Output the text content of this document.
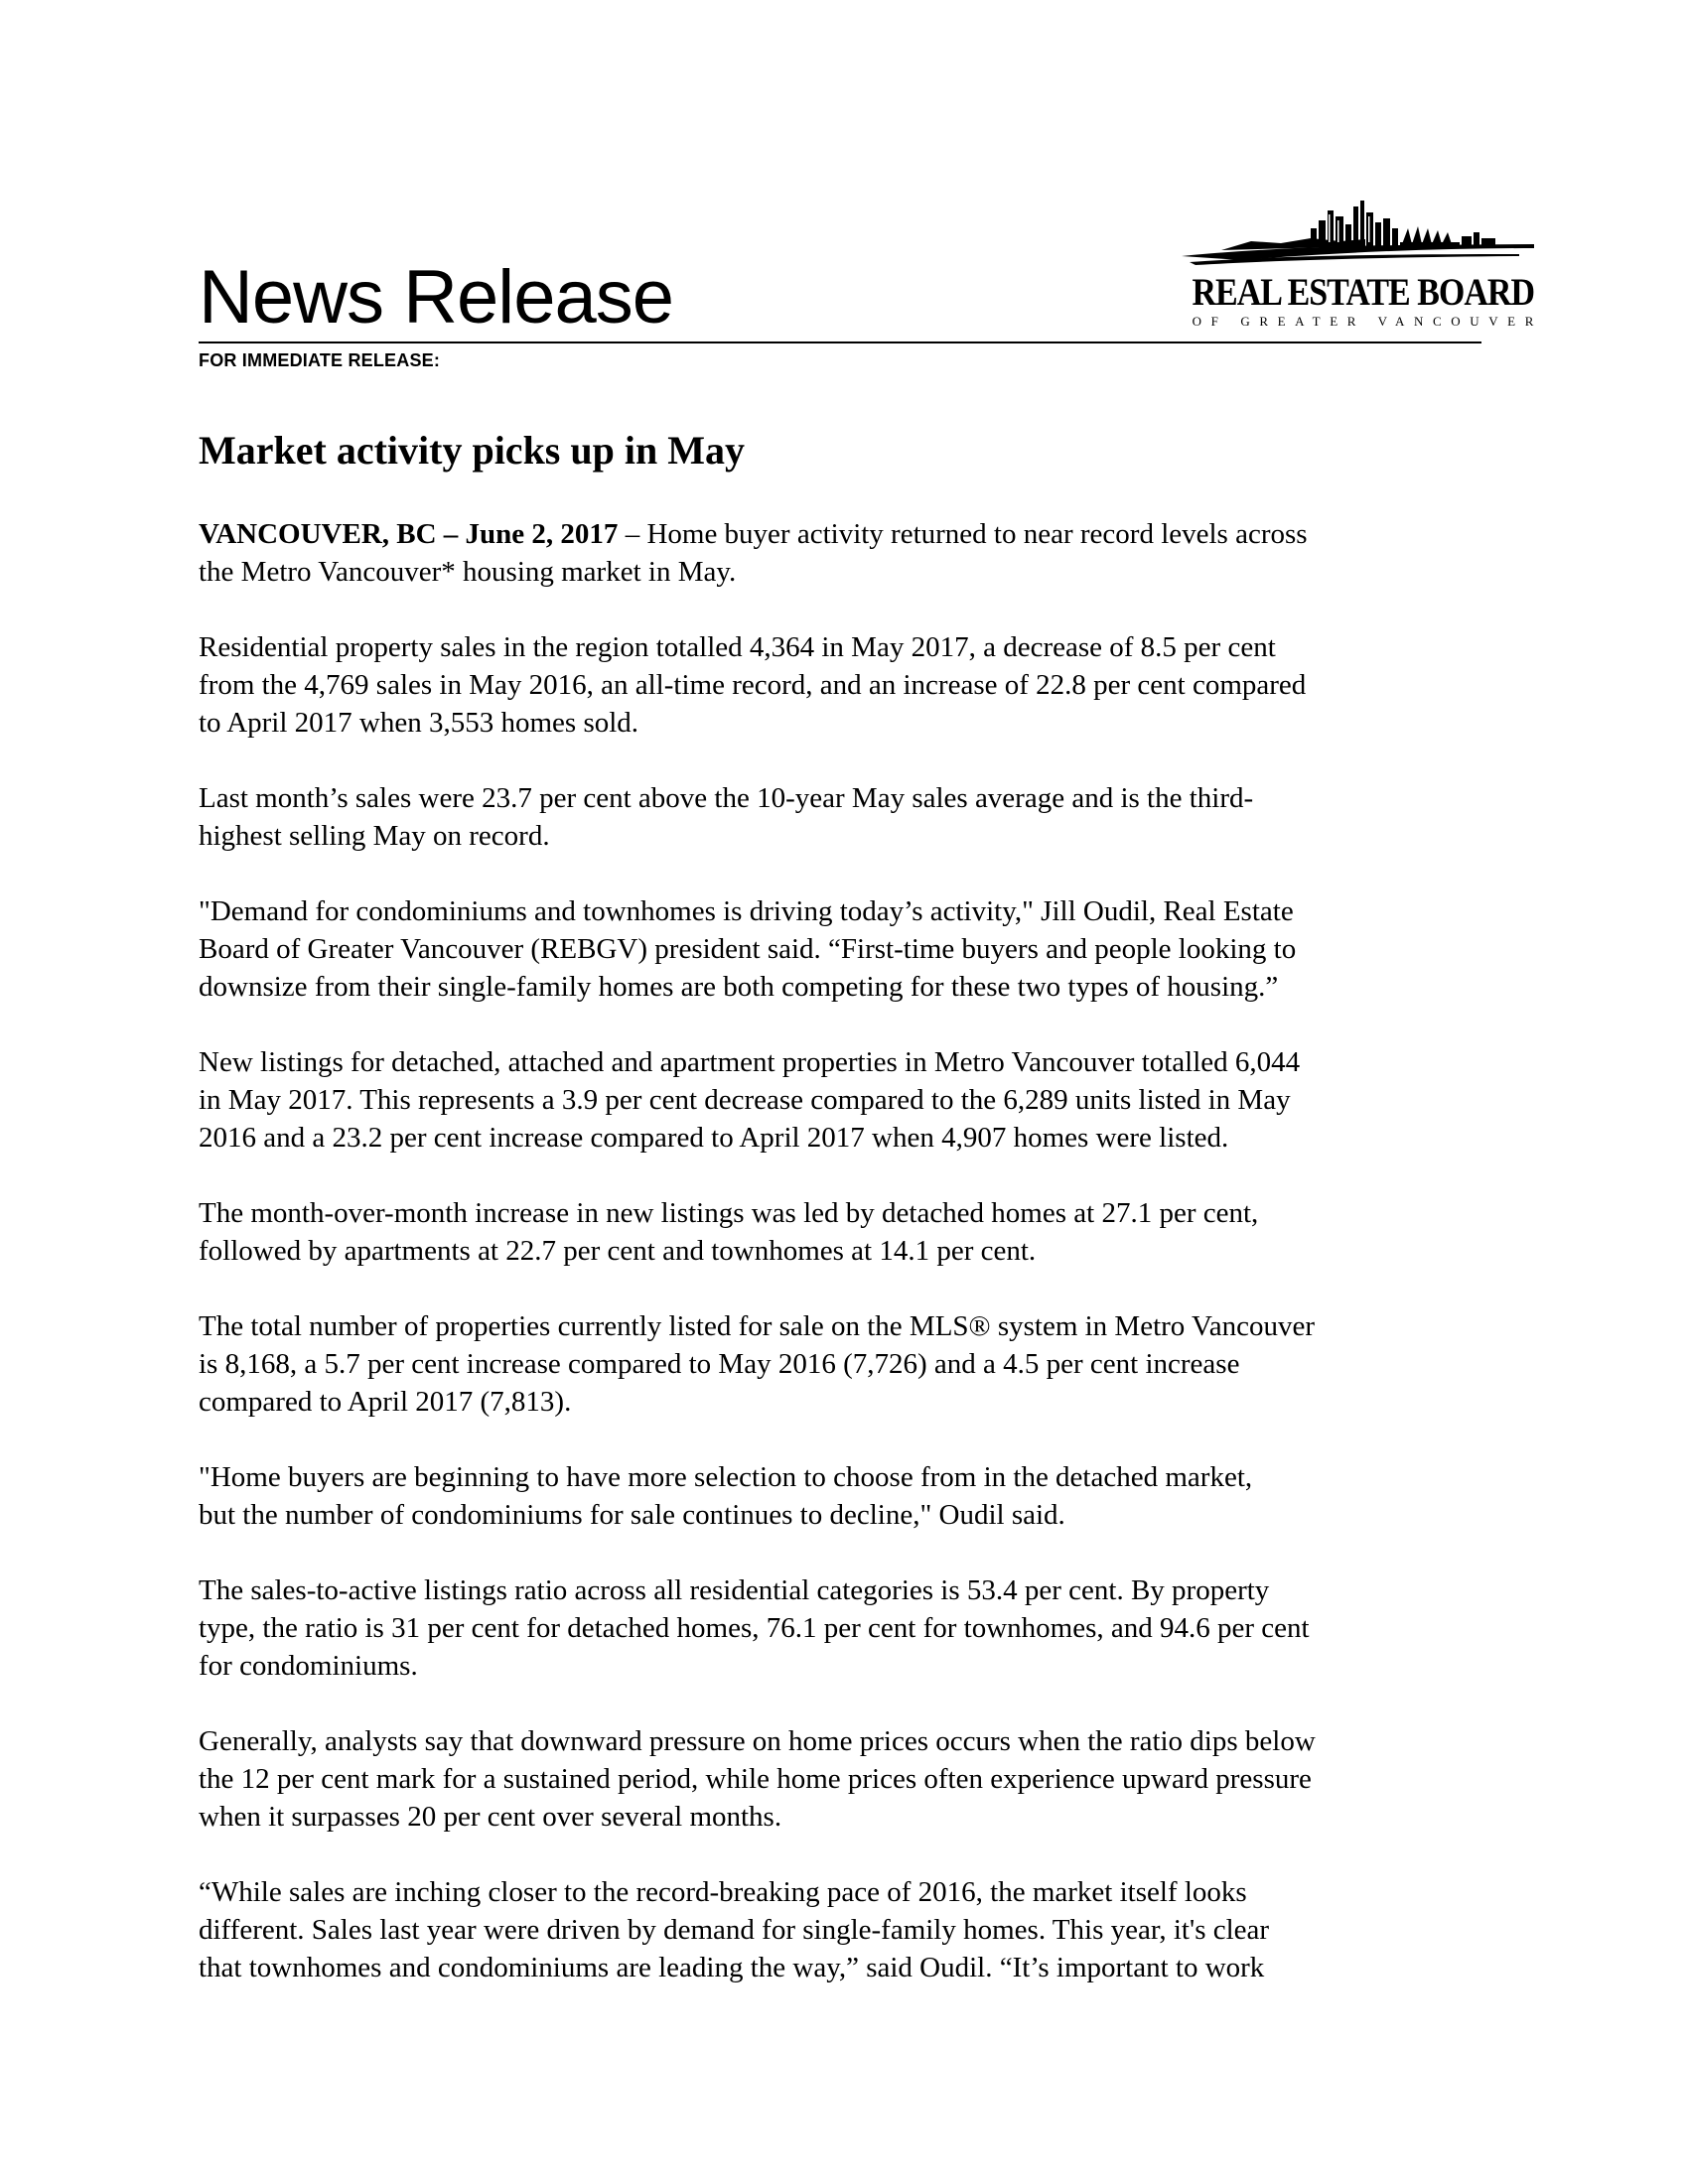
News Release
FOR IMMEDIATE RELEASE:
REAL ESTATE BOARD
OF GREATER VANCOUVER
Market activity picks up in May

VANCOUVER, BC – June 2, 2017 – Home buyer activity returned to near record levels across
the Metro Vancouver* housing market in May.

Residential property sales in the region totalled 4,364 in May 2017, a decrease of 8.5 per cent
from the 4,769 sales in May 2016, an all-time record, and an increase of 22.8 per cent compared
to April 2017 when 3,553 homes sold.

Last month’s sales were 23.7 per cent above the 10-year May sales average and is the third-
highest selling May on record.

"Demand for condominiums and townhomes is driving today’s activity," Jill Oudil, Real Estate
Board of Greater Vancouver (REBGV) president said. “First-time buyers and people looking to
downsize from their single-family homes are both competing for these two types of housing.”

New listings for detached, attached and apartment properties in Metro Vancouver totalled 6,044
in May 2017. This represents a 3.9 per cent decrease compared to the 6,289 units listed in May
2016 and a 23.2 per cent increase compared to April 2017 when 4,907 homes were listed.

The month-over-month increase in new listings was led by detached homes at 27.1 per cent,
followed by apartments at 22.7 per cent and townhomes at 14.1 per cent.

The total number of properties currently listed for sale on the MLS® system in Metro Vancouver
is 8,168, a 5.7 per cent increase compared to May 2016 (7,726) and a 4.5 per cent increase
compared to April 2017 (7,813).

"Home buyers are beginning to have more selection to choose from in the detached market,
but the number of condominiums for sale continues to decline," Oudil said.

The sales-to-active listings ratio across all residential categories is 53.4 per cent. By property
type, the ratio is 31 per cent for detached homes, 76.1 per cent for townhomes, and 94.6 per cent
for condominiums.

Generally, analysts say that downward pressure on home prices occurs when the ratio dips below
the 12 per cent mark for a sustained period, while home prices often experience upward pressure
when it surpasses 20 per cent over several months.

“While sales are inching closer to the record-breaking pace of 2016, the market itself looks
different. Sales last year were driven by demand for single-family homes. This year, it's clear
that townhomes and condominiums are leading the way,” said Oudil. “It’s important to work
